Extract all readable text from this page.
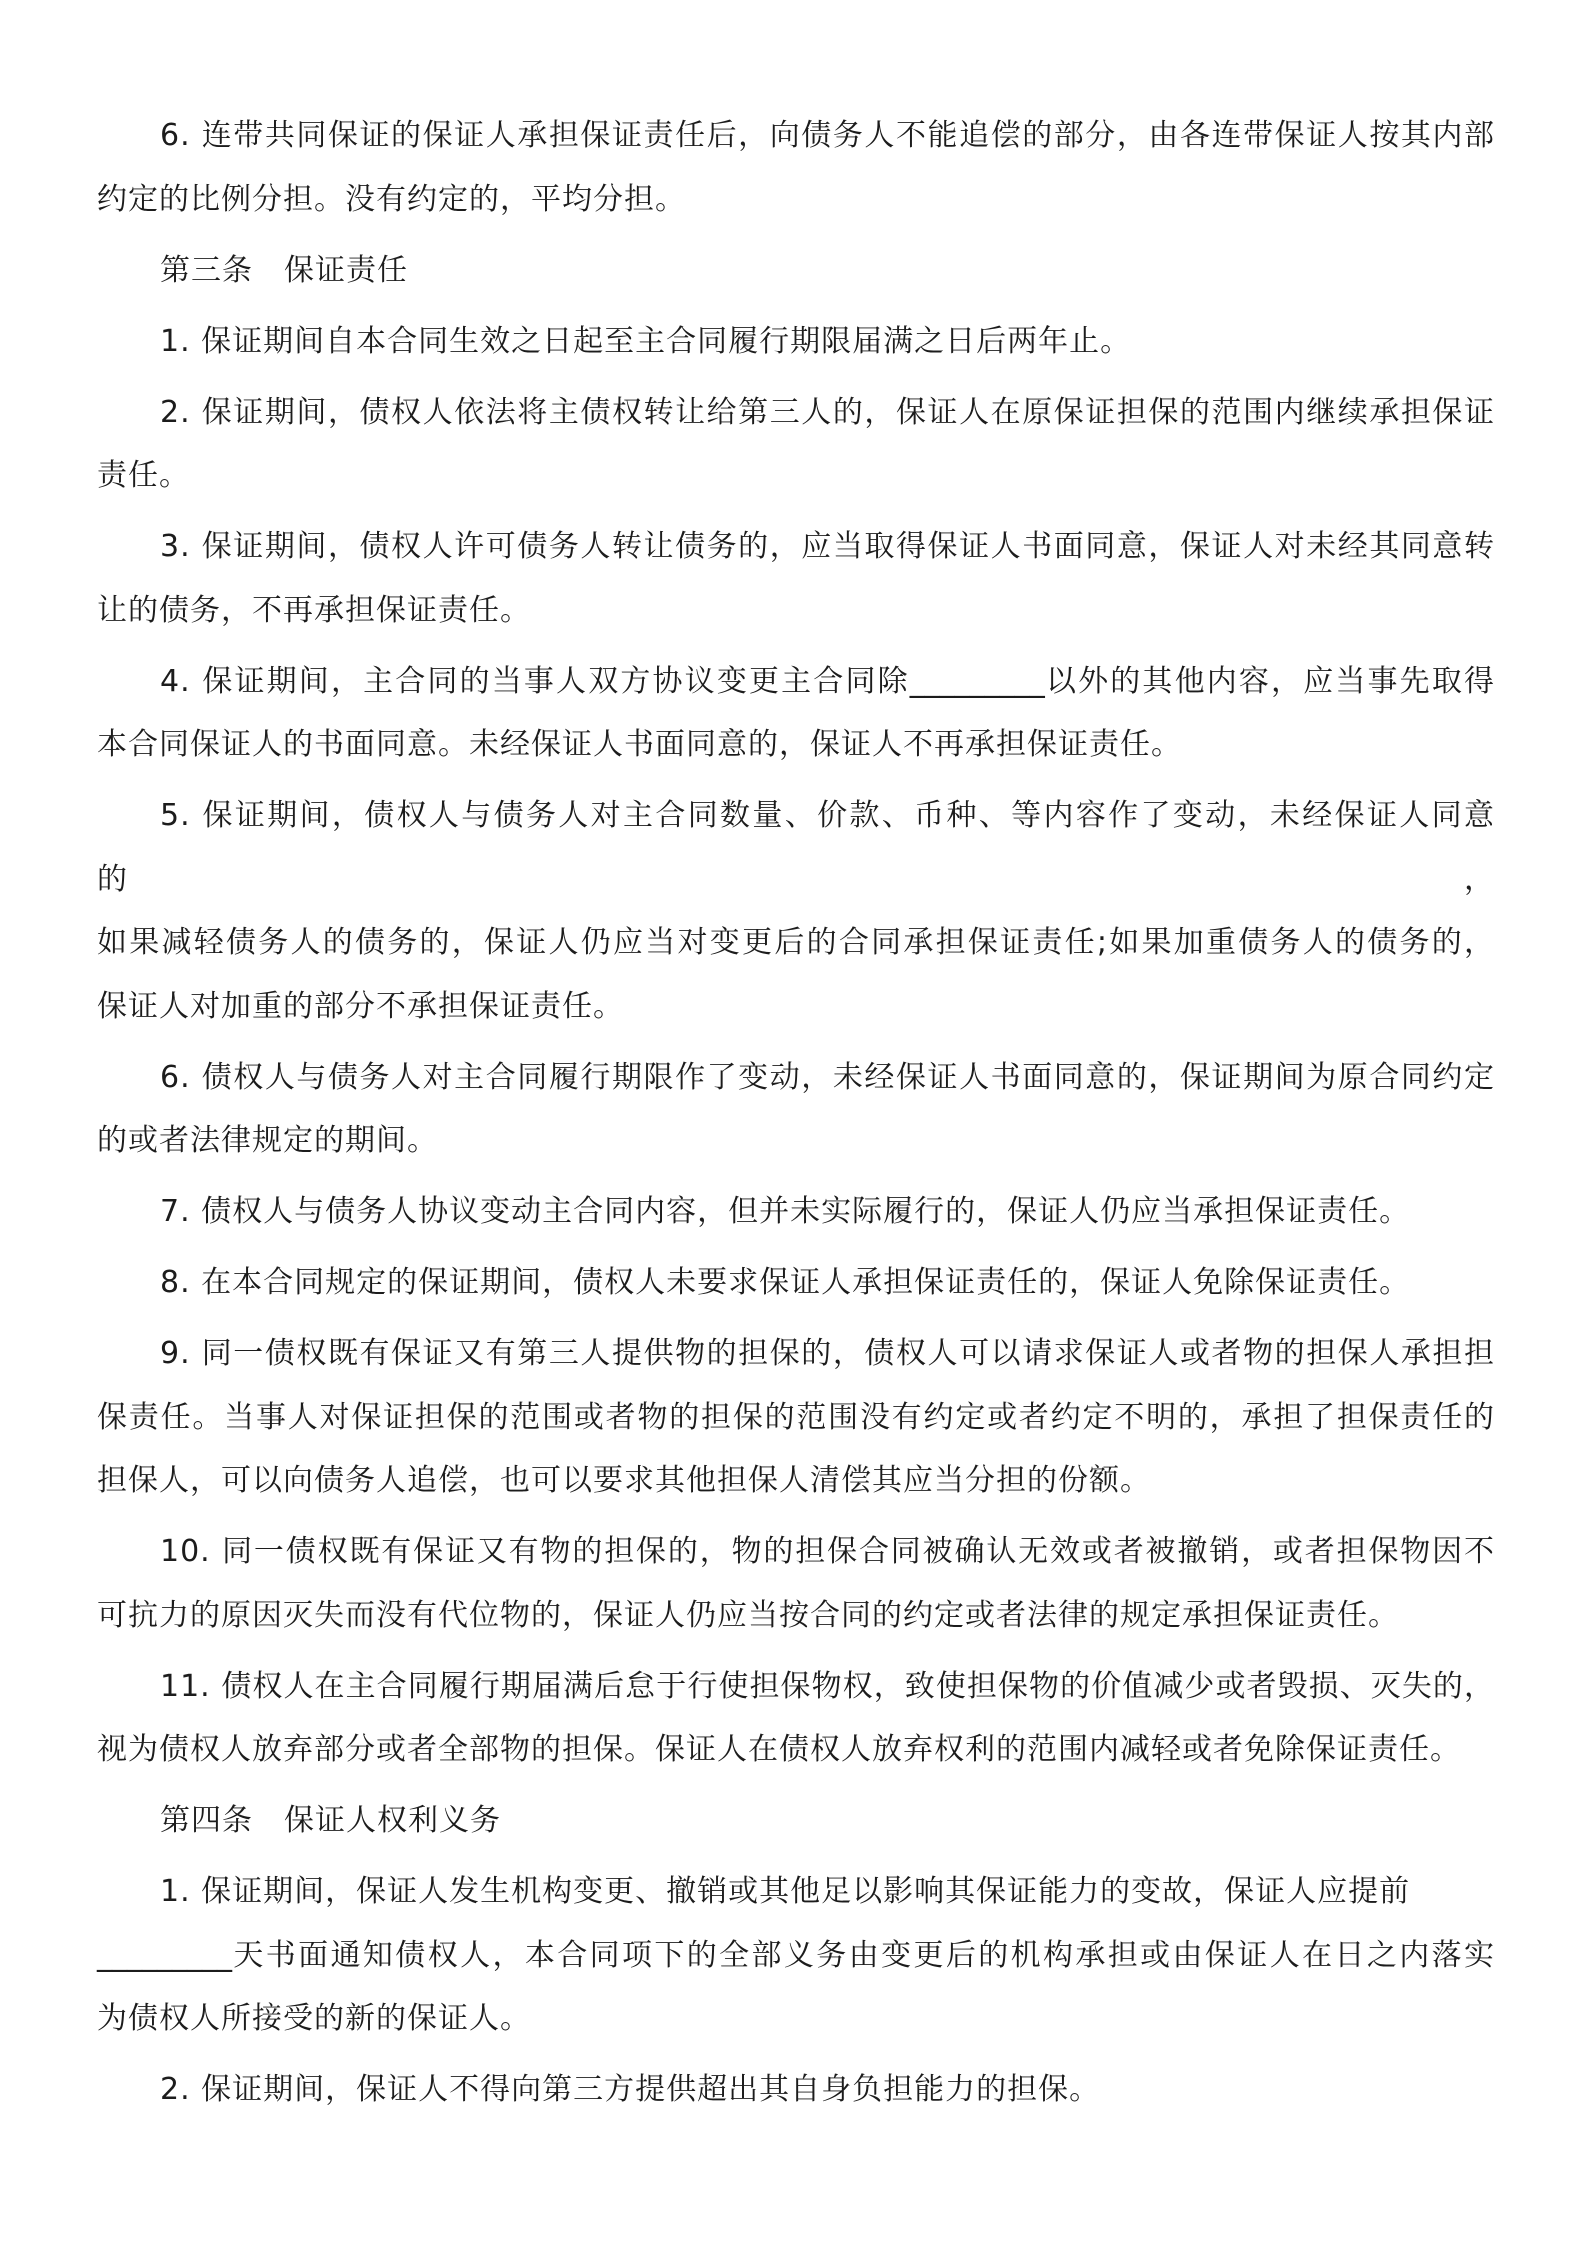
6. 连带共同保证的保证人承担保证责任后，向债务人不能追偿的部分，由各连带保证人按其内部
约定的比例分担。没有约定的，平均分担。

第三条　保证责任

1. 保证期间自本合同生效之日起至主合同履行期限届满之日后两年止。

2. 保证期间，债权人依法将主债权转让给第三人的，保证人在原保证担保的范围内继续承担保证
责任。

3. 保证期间，债权人许可债务人转让债务的，应当取得保证人书面同意，保证人对未经其同意转
让的债务，不再承担保证责任。

4. 保证期间，主合同的当事人双方协议变更主合同除_________以外的其他内容，应当事先取得
本合同保证人的书面同意。未经保证人书面同意的，保证人不再承担保证责任。

5. 保证期间，债权人与债务人对主合同数量、价款、币种、等内容作了变动，未经保证人同意的，
如果减轻债务人的债务的，保证人仍应当对变更后的合同承担保证责任;如果加重债务人的债务的，
保证人对加重的部分不承担保证责任。

6. 债权人与债务人对主合同履行期限作了变动，未经保证人书面同意的，保证期间为原合同约定
的或者法律规定的期间。

7. 债权人与债务人协议变动主合同内容，但并未实际履行的，保证人仍应当承担保证责任。

8. 在本合同规定的保证期间，债权人未要求保证人承担保证责任的，保证人免除保证责任。

9. 同一债权既有保证又有第三人提供物的担保的，债权人可以请求保证人或者物的担保人承担担
保责任。当事人对保证担保的范围或者物的担保的范围没有约定或者约定不明的，承担了担保责任的
担保人，可以向债务人追偿，也可以要求其他担保人清偿其应当分担的份额。

10. 同一债权既有保证又有物的担保的，物的担保合同被确认无效或者被撤销，或者担保物因不
可抗力的原因灭失而没有代位物的，保证人仍应当按合同的约定或者法律的规定承担保证责任。

11. 债权人在主合同履行期届满后怠于行使担保物权，致使担保物的价值减少或者毁损、灭失的，
视为债权人放弃部分或者全部物的担保。保证人在债权人放弃权利的范围内减轻或者免除保证责任。

第四条　保证人权利义务

1. 保证期间，保证人发生机构变更、撤销或其他足以影响其保证能力的变故，保证人应提前
_________天书面通知债权人，本合同项下的全部义务由变更后的机构承担或由保证人在日之内落实
为债权人所接受的新的保证人。

2. 保证期间，保证人不得向第三方提供超出其自身负担能力的担保。
